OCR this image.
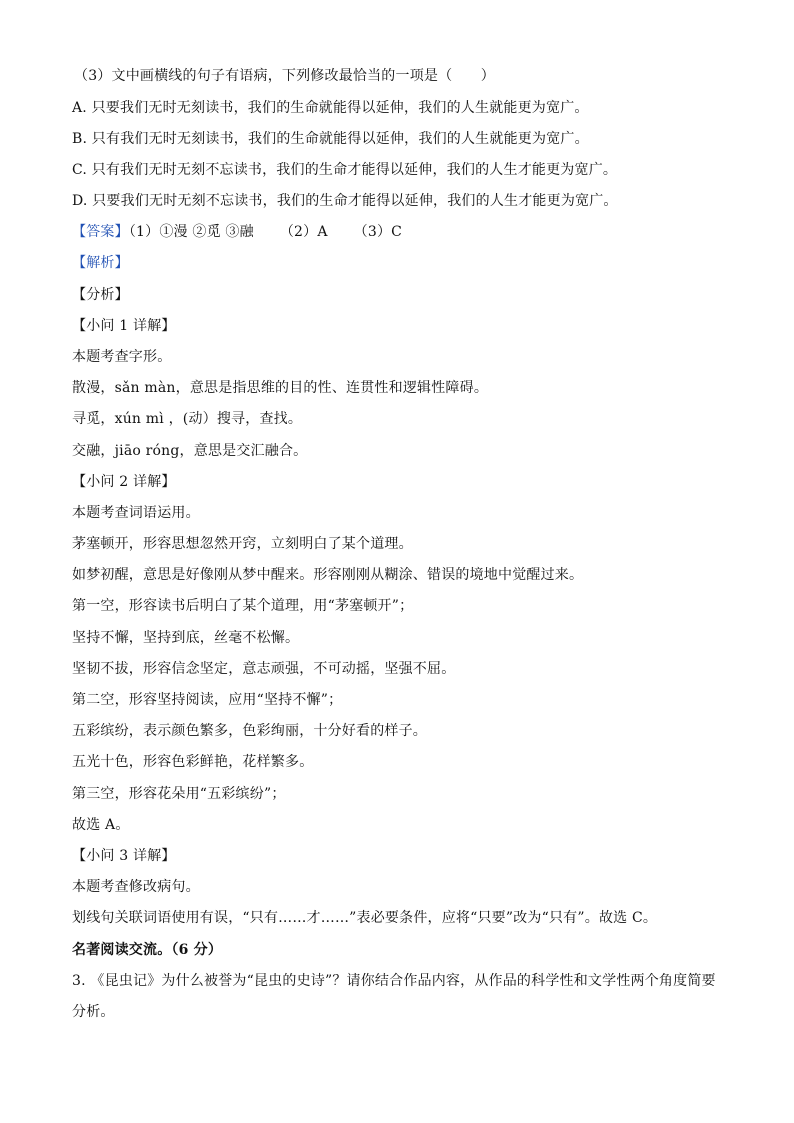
（3）文中画横线的句子有语病，下列修改最恰当的一项是（　　）
A. 只要我们无时无刻读书，我们的生命就能得以延伸，我们的人生就能更为宽广。
B. 只有我们无时无刻读书，我们的生命就能得以延伸，我们的人生就能更为宽广。
C. 只有我们无时无刻不忘读书，我们的生命才能得以延伸，我们的人生才能更为宽广。
D. 只要我们无时无刻不忘读书，我们的生命才能得以延伸，我们的人生才能更为宽广。
【答案】（1）①漫 ②觅 ③融 （2）A （3）C
【解析】
【分析】
【小问 1 详解】
本题考查字形。
散漫，sǎn màn，意思是指思维的目的性、连贯性和逻辑性障碍。
寻觅，xún mì ，(动）搜寻，查找。
交融，jiāo róng，意思是交汇融合。
【小问 2 详解】
本题考查词语运用。
茅塞顿开，形容思想忽然开窍，立刻明白了某个道理。
如梦初醒，意思是好像刚从梦中醒来。形容刚刚从糊涂、错误的境地中觉醒过来。
第一空，形容读书后明白了某个道理，用“茅塞顿开”；
坚持不懈，坚持到底，丝毫不松懈。
坚韧不拔，形容信念坚定，意志顽强，不可动摇，坚强不屈。
第二空，形容坚持阅读，应用“坚持不懈”；
五彩缤纷，表示颜色繁多，色彩绚丽，十分好看的样子。
五光十色，形容色彩鲜艳，花样繁多。
第三空，形容花朵用“五彩缤纷”；
故选 A。
【小问 3 详解】
本题考查修改病句。
划线句关联词语使用有误，“只有……才……”表必要条件，应将“只要”改为“只有”。故选 C。
名著阅读交流。（6 分）
3. 《昆虫记》为什么被誉为“昆虫的史诗”？请你结合作品内容，从作品的科学性和文学性两个角度简要
分析。
